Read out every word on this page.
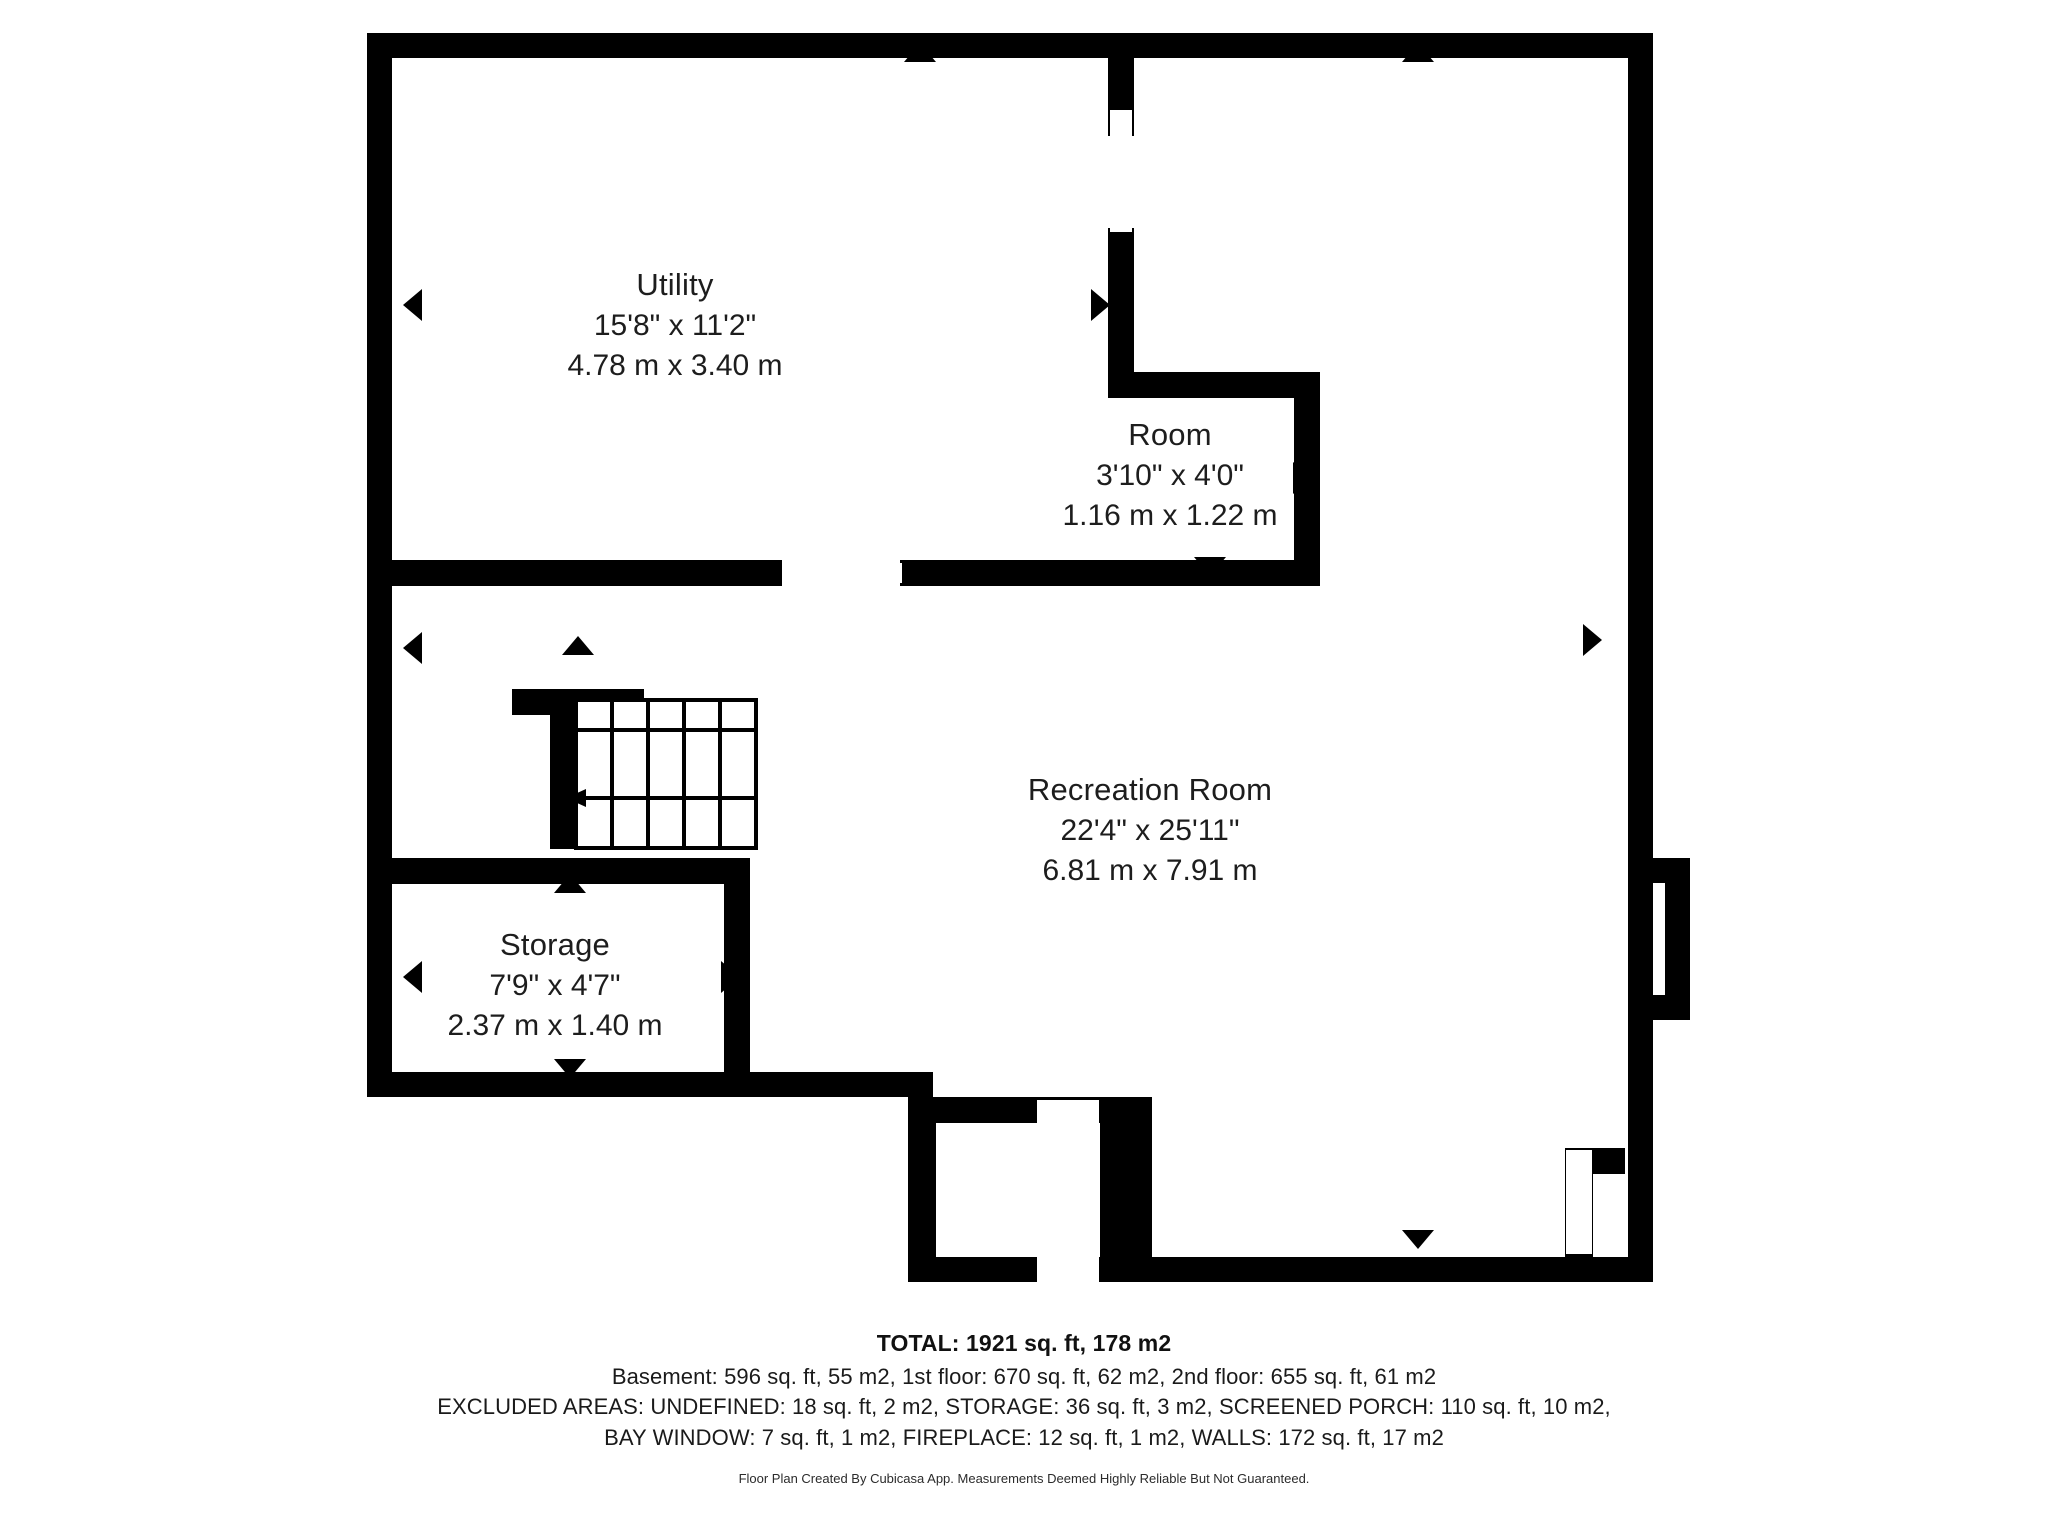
Utility
15'8" x 11'2"
4.78 m x 3.40 m
Room
3'10" x 4'0"
1.16 m x 1.22 m
Recreation Room
22'4" x 25'11"
6.81 m x 7.91 m
Storage
7'9" x 4'7"
2.37 m x 1.40 m
TOTAL: 1921 sq. ft, 178 m2
Basement: 596 sq. ft, 55 m2, 1st floor: 670 sq. ft, 62 m2, 2nd floor: 655 sq. ft, 61 m2
EXCLUDED AREAS: UNDEFINED: 18 sq. ft, 2 m2, STORAGE: 36 sq. ft, 3 m2, SCREENED PORCH: 110 sq. ft, 10 m2,
BAY WINDOW: 7 sq. ft, 1 m2, FIREPLACE: 12 sq. ft, 1 m2, WALLS: 172 sq. ft, 17 m2
Floor Plan Created By Cubicasa App. Measurements Deemed Highly Reliable But Not Guaranteed.
